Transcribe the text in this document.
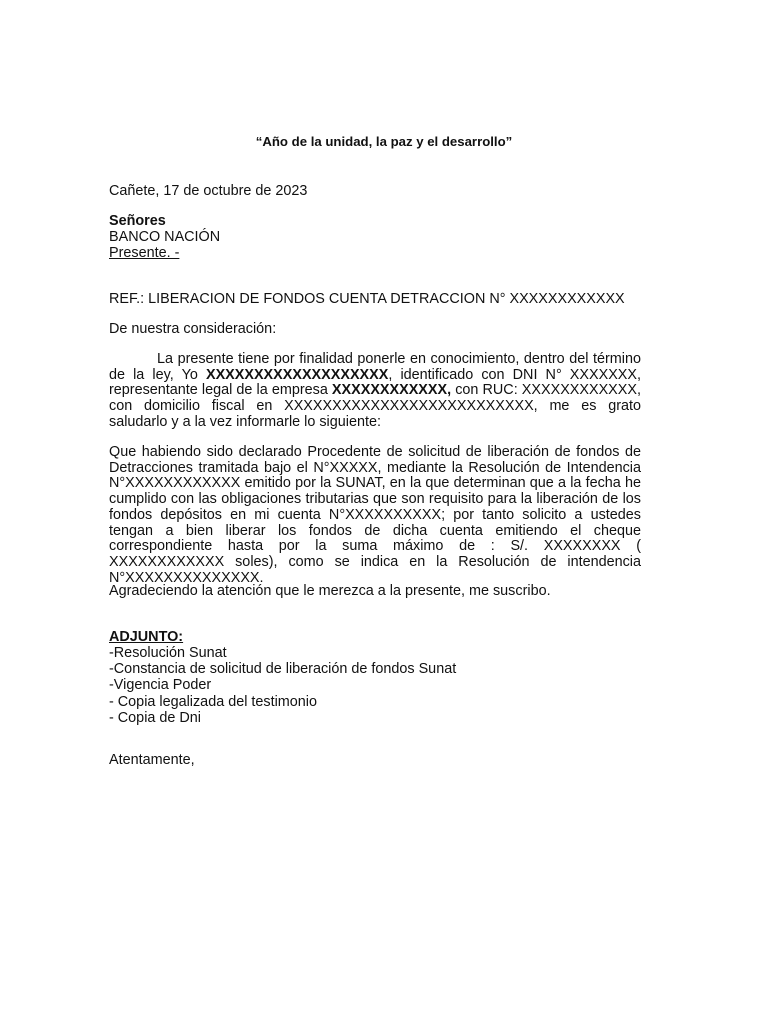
“Año de la unidad, la paz y el desarrollo”
Cañete, 17 de octubre de 2023
Señores
BANCO NACIÓN
Presente. -
REF.: LIBERACION DE FONDOS CUENTA DETRACCION N° XXXXXXXXXXXX
De nuestra consideración:

La presente tiene por finalidad ponerle en conocimiento, dentro del término de la ley, Yo XXXXXXXXXXXXXXXXXXX, identificado con DNI N° XXXXXXX, representante legal de la empresa XXXXXXXXXXXX, con RUC: XXXXXXXXXXXX, con domicilio fiscal en XXXXXXXXXXXXXXXXXXXXXXXXXX, me es grato saludarlo y a la vez informarle lo siguiente:

Que habiendo sido declarado Procedente de solicitud de liberación de fondos de Detracciones tramitada bajo el N°XXXXX, mediante la Resolución de Intendencia N°XXXXXXXXXXXX emitido por la SUNAT, en la que determinan que a la fecha he cumplido con las obligaciones tributarias que son requisito para la liberación de los fondos depósitos en mi cuenta N°XXXXXXXXXX; por tanto solicito a ustedes tengan a bien liberar los fondos de dicha cuenta emitiendo el cheque correspondiente hasta por la suma máximo de : S/. XXXXXXXX ( XXXXXXXXXXXX soles), como se indica en la Resolución de intendencia N°XXXXXXXXXXXXXX.

Agradeciendo la atención que le merezca a la presente, me suscribo.
ADJUNTO:
-Resolución Sunat
-Constancia de solicitud de liberación de fondos Sunat
-Vigencia Poder
- Copia legalizada del testimonio
- Copia de Dni
Atentamente,
